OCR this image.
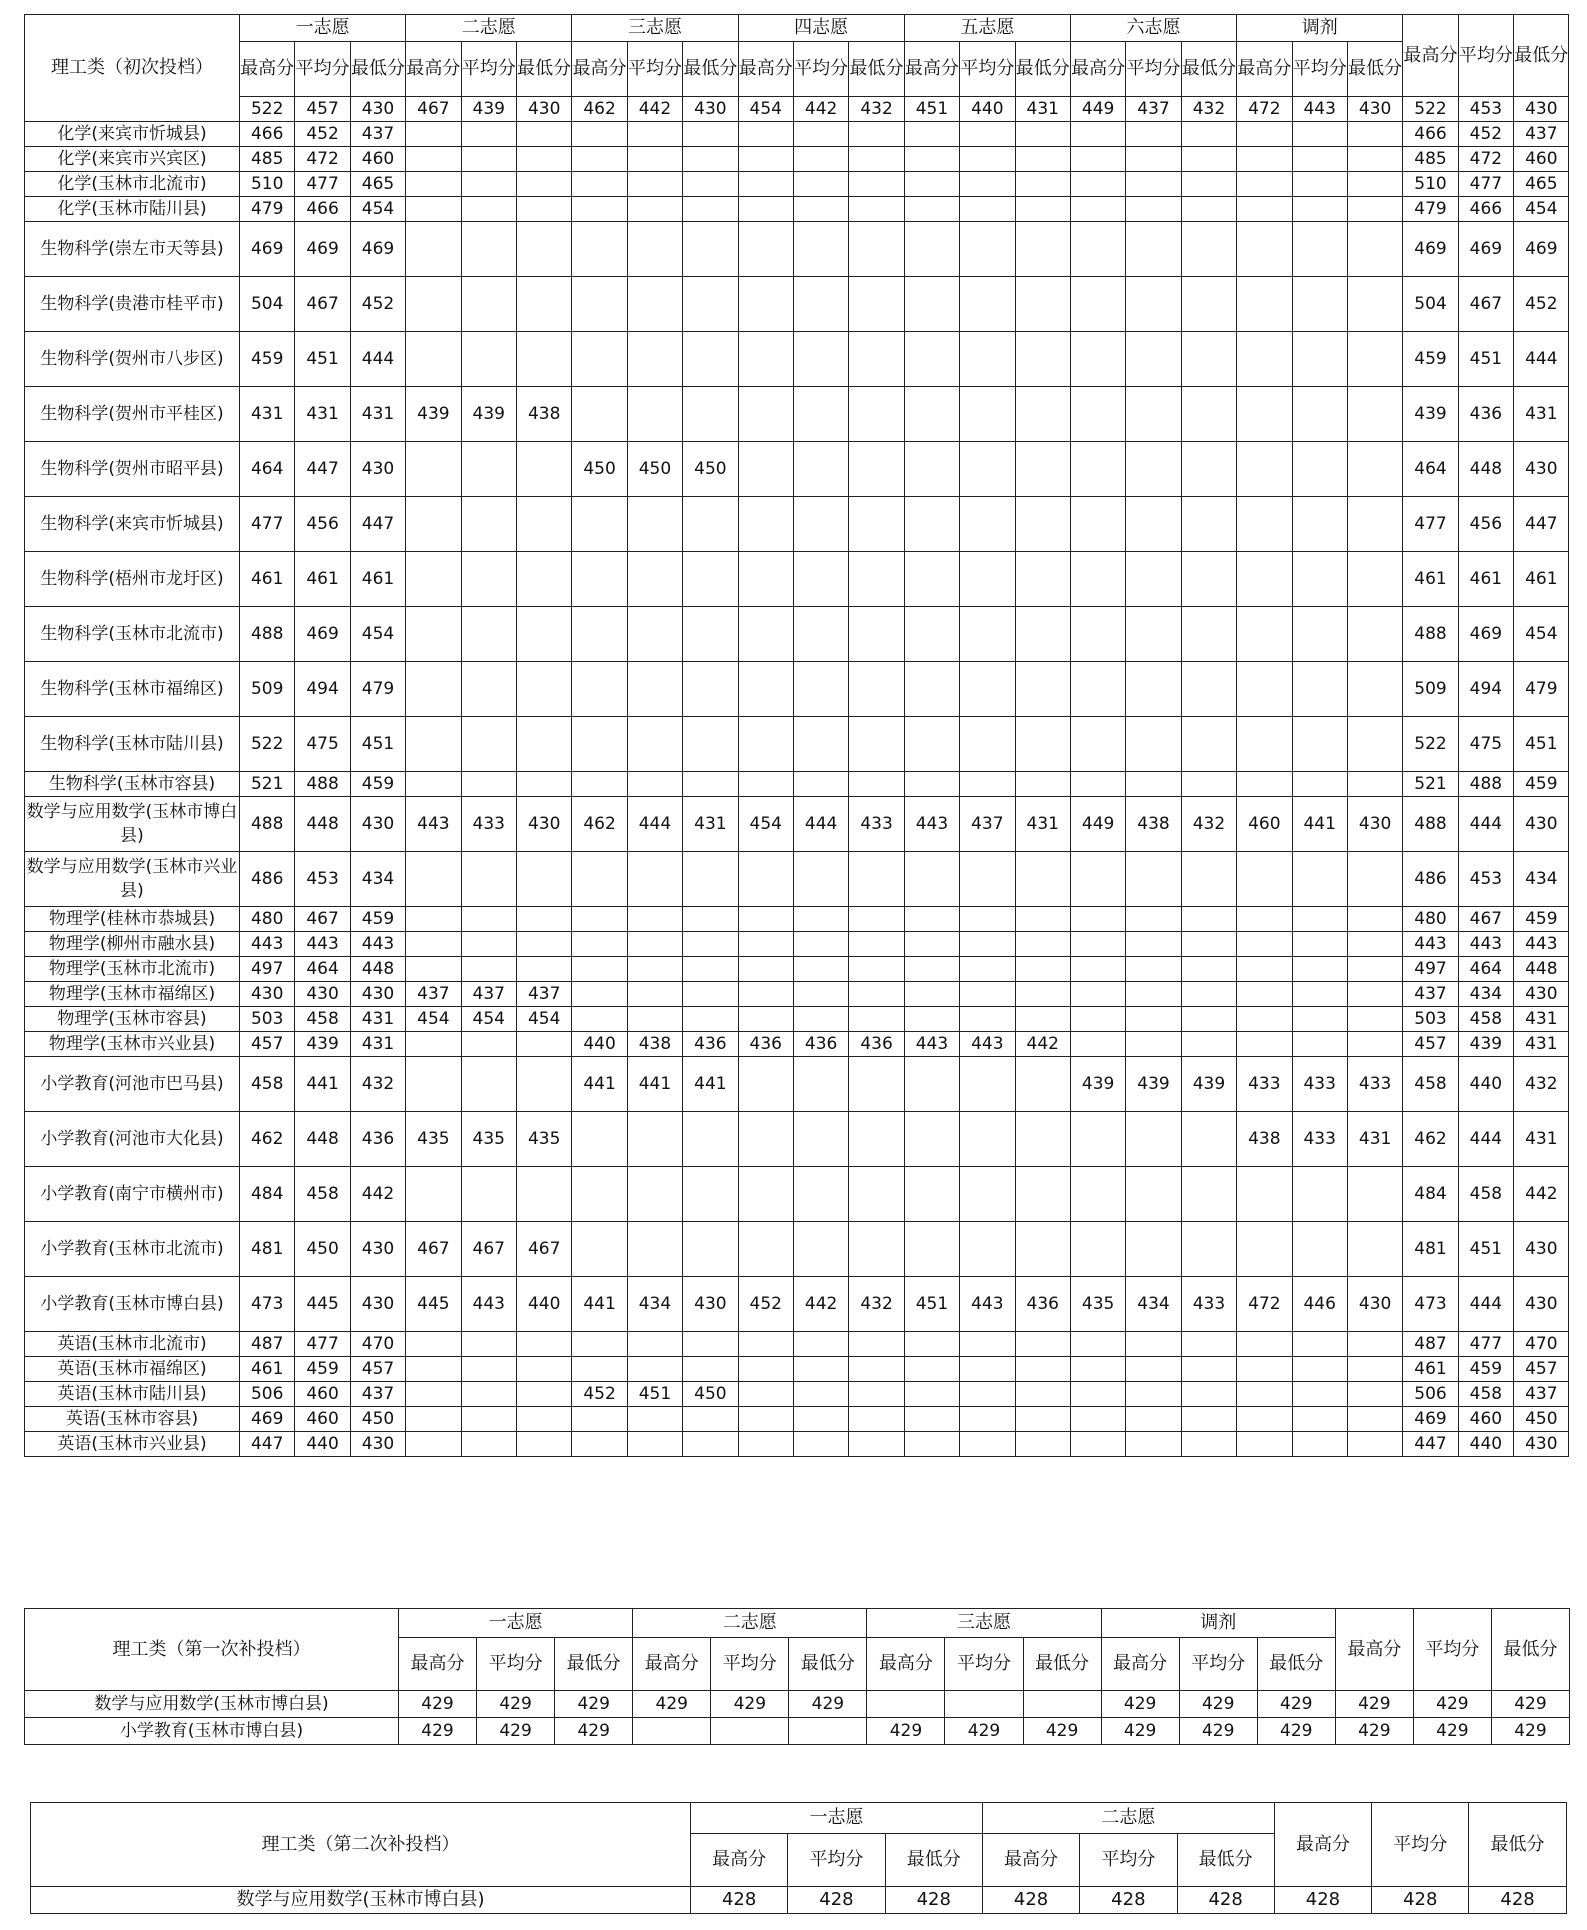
理工类（初次投档）	一志愿			二志愿			三志愿			四志愿			五志愿			六志愿			调剂			最高分	平均分	最低分
	最高分	平均分	最低分	最高分	平均分	最低分	最高分	平均分	最低分	最高分	平均分	最低分	最高分	平均分	最低分	最高分	平均分	最低分	最高分	平均分	最低分			
	522	457	430	467	439	430	462	442	430	454	442	432	451	440	431	449	437	432	472	443	430	522	453	430
化学(来宾市忻城县)	466	452	437																			466	452	437
化学(来宾市兴宾区)	485	472	460																			485	472	460
化学(玉林市北流市)	510	477	465																			510	477	465
化学(玉林市陆川县)	479	466	454																			479	466	454
生物科学(崇左市天等县)	469	469	469																			469	469	469
生物科学(贵港市桂平市)	504	467	452																			504	467	452
生物科学(贺州市八步区)	459	451	444																			459	451	444
生物科学(贺州市平桂区)	431	431	431	439	439	438																439	436	431
生物科学(贺州市昭平县)	464	447	430				450	450	450													464	448	430
生物科学(来宾市忻城县)	477	456	447																			477	456	447
生物科学(梧州市龙圩区)	461	461	461																			461	461	461
生物科学(玉林市北流市)	488	469	454																			488	469	454
生物科学(玉林市福绵区)	509	494	479																			509	494	479
生物科学(玉林市陆川县)	522	475	451																			522	475	451
生物科学(玉林市容县)	521	488	459																			521	488	459
数学与应用数学(玉林市博白县)	488	448	430	443	433	430	462	444	431	454	444	433	443	437	431	449	438	432	460	441	430	488	444	430
数学与应用数学(玉林市兴业县)	486	453	434																			486	453	434
物理学(桂林市恭城县)	480	467	459																			480	467	459
物理学(柳州市融水县)	443	443	443																			443	443	443
物理学(玉林市北流市)	497	464	448																			497	464	448
物理学(玉林市福绵区)	430	430	430	437	437	437																437	434	430
物理学(玉林市容县)	503	458	431	454	454	454																503	458	431
物理学(玉林市兴业县)	457	439	431				440	438	436	436	436	436	443	443	442							457	439	431
小学教育(河池市巴马县)	458	441	432				441	441	441							439	439	439	433	433	433	458	440	432
小学教育(河池市大化县)	462	448	436	435	435	435													438	433	431	462	444	431
小学教育(南宁市横州市)	484	458	442																			484	458	442
小学教育(玉林市北流市)	481	450	430	467	467	467																481	451	430
小学教育(玉林市博白县)	473	445	430	445	443	440	441	434	430	452	442	432	451	443	436	435	434	433	472	446	430	473	444	430
英语(玉林市北流市)	487	477	470																			487	477	470
英语(玉林市福绵区)	461	459	457																			461	459	457
英语(玉林市陆川县)	506	460	437				452	451	450													506	458	437
英语(玉林市容县)	469	460	450																			469	460	450
英语(玉林市兴业县)	447	440	430																			447	440	430
理工类（第一次补投档）	一志愿			二志愿			三志愿			调剂			最高分	平均分	最低分
	最高分	平均分	最低分	最高分	平均分	最低分	最高分	平均分	最低分	最高分	平均分	最低分			
数学与应用数学(玉林市博白县)	429	429	429	429	429	429				429	429	429	429	429	429
小学教育(玉林市博白县)	429	429	429				429	429	429	429	429	429	429	429	429
理工类（第二次补投档）	一志愿			二志愿			最高分	平均分	最低分
	最高分	平均分	最低分	最高分	平均分	最低分			
数学与应用数学(玉林市博白县)	428	428	428	428	428	428	428	428	428
